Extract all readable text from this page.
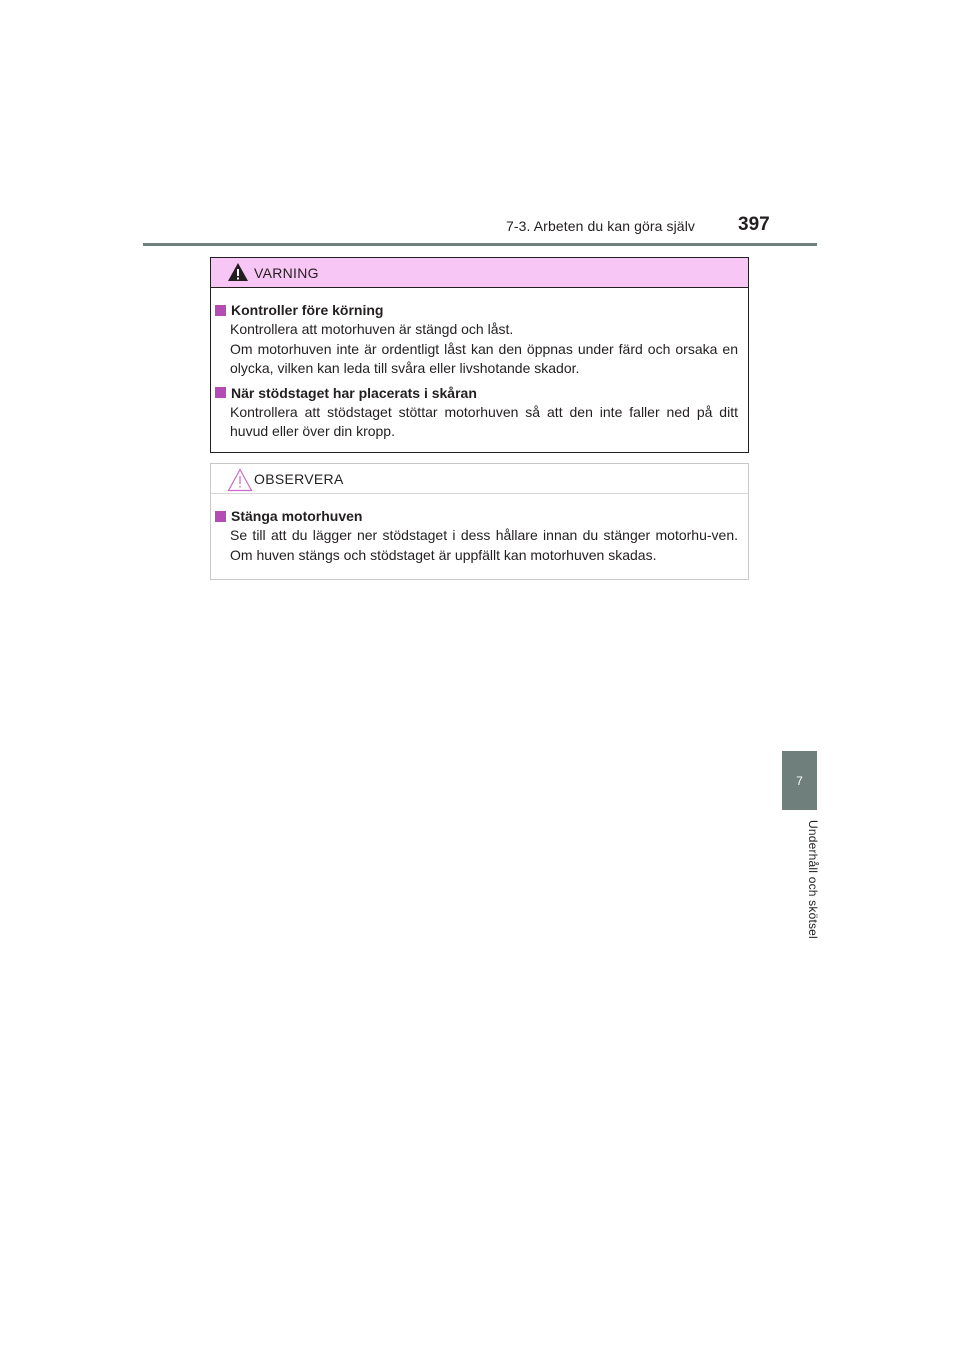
7-3. Arbeten du kan göra själv 397
7
Underhåll och skötsel
VARNING
Kontroller före körning
Kontrollera att motorhuven är stängd och låst.
Om motorhuven inte är ordentligt låst kan den öppnas under färd och orsaka en olycka, vilken kan leda till svåra eller livshotande skador.
När stödstaget har placerats i skåran
Kontrollera att stödstaget stöttar motorhuven så att den inte faller ned på ditt huvud eller över din kropp.
OBSERVERA
Stänga motorhuven
Se till att du lägger ner stödstaget i dess hållare innan du stänger motorhu-ven. Om huven stängs och stödstaget är uppfällt kan motorhuven skadas.
